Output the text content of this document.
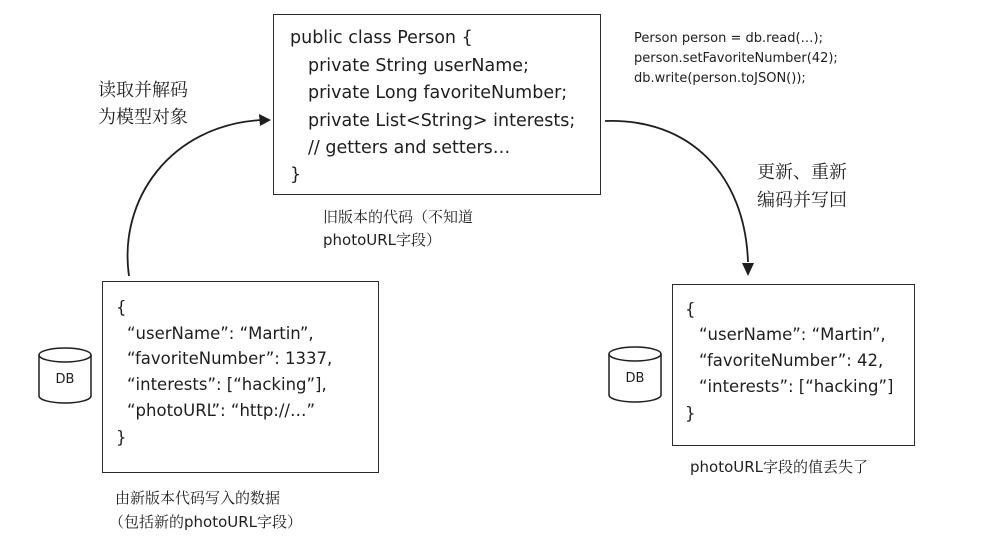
public class Person {
private String userName;
private Long favoriteNumber;
private List<String> interests;
// getters and setters…
}
旧版本的代码（不知道
photoURL字段）
读取并解码
为模型对象
Person person = db.read(…);
person.setFavoriteNumber(42);
db.write(person.toJSON());
更新、重新
编码并写回
DB
{
“userName”: “Martin”,
“favoriteNumber”: 1337,
“interests”: [“hacking”],
“photoURL”: “http://…”
}
由新版本代码写入的数据
（包括新的photoURL字段）
DB
{
“userName”: “Martin”,
“favoriteNumber”: 42,
“interests”: [“hacking”]
}
photoURL字段的值丢失了
